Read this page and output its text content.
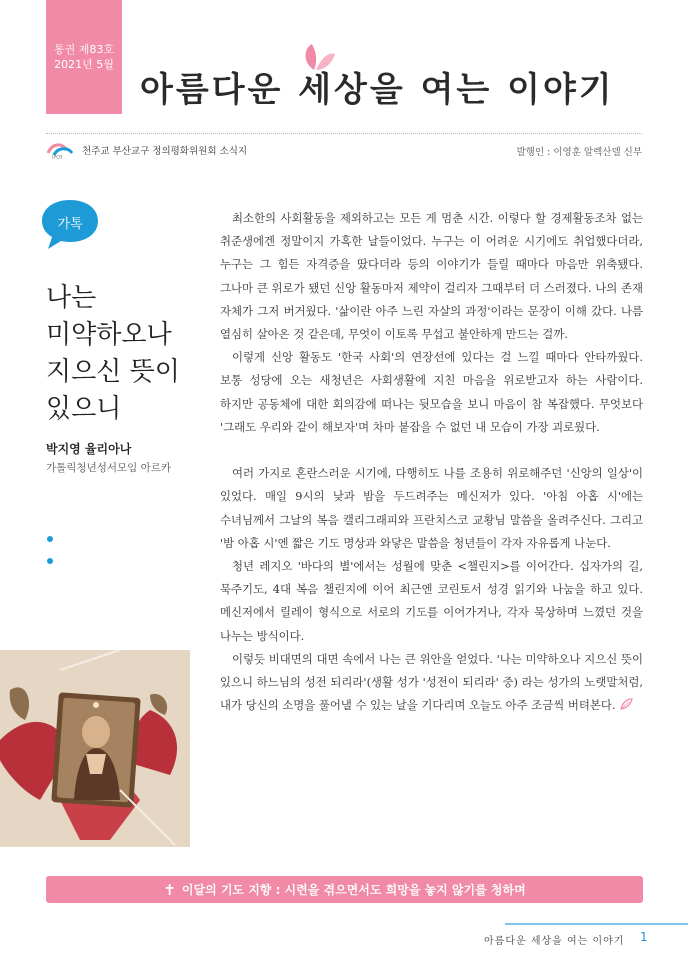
통권 제83호
2021년 5월
아름다운 세상을 여는 이야기
JPCB
천주교 부산교구 정의평화위원회 소식지	발행인 : 이영훈 알렉산델 신부
가톡
나는
미약하오나
지으신 뜻이
있으니
박지영 율리아나
가톨릭청년성서모임 아르카

최소한의 사회활동을 제외하고는 모든 게 멈춘 시간. 이렇다 할 경제활동조차 없는 취준생에겐 정말이지 가혹한 날들이었다. 누구는 이 어려운 시기에도 취업했다더라, 누구는 그 힘든 자격증을 땄다더라 등의 이야기가 들릴 때마다 마음만 위축됐다. 그나마 큰 위로가 됐던 신앙 활동마저 제약이 걸리자 그때부터 더 스러졌다. 나의 존재 자체가 그저 버거웠다. '삶이란 아주 느린 자살의 과정'이라는 문장이 이해 갔다. 나름 열심히 살아온 것 같은데, 무엇이 이토록 무섭고 불안하게 만드는 걸까.

이렇게 신앙 활동도 '한국 사회'의 연장선에 있다는 걸 느낄 때마다 안타까웠다. 보통 성당에 오는 새청년은 사회생활에 지친 마음을 위로받고자 하는 사람이다. 하지만 공동체에 대한 회의감에 떠나는 뒷모습을 보니 마음이 참 복잡했다. 무엇보다 '그래도 우리와 같이 해보자'며 차마 붙잡을 수 없던 내 모습이 가장 괴로웠다.

여러 가지로 혼란스러운 시기에, 다행히도 나를 조용히 위로해주던 '신앙의 일상'이 있었다. 매일 9시의 낮과 밤을 두드려주는 메신저가 있다. '아침 아홉 시'에는 수녀님께서 그날의 복음 캘리그래피와 프란치스코 교황님 말씀을 올려주신다. 그리고 '밤 아홉 시'엔 짧은 기도 명상과 와닿은 말씀을 청년들이 각자 자유롭게 나눈다.

청년 레지오 '바다의 별'에서는 성월에 맞춘 <챌린지>를 이어간다. 십자가의 길, 묵주기도, 4대 복음 챌린지에 이어 최근엔 코린토서 성경 읽기와 나눔을 하고 있다. 메신저에서 릴레이 형식으로 서로의 기도를 이어가거나, 각자 묵상하며 느꼈던 것을 나누는 방식이다.

이렇듯 비대면의 대면 속에서 나는 큰 위안을 얻었다. '나는 미약하오나 지으신 뜻이 있으니 하느님의 성전 되리라'(생활 성가 '성전이 되리라' 중) 라는 성가의 노랫말처럼, 내가 당신의 소명을 풀어낼 수 있는 날을 기다리며 오늘도 아주 조금씩 버텨본다.

✝ 이달의 기도 지향 : 시련을 겪으면서도 희망을 놓지 않기를 청하며
아름다운 세상을 여는 이야기 1
